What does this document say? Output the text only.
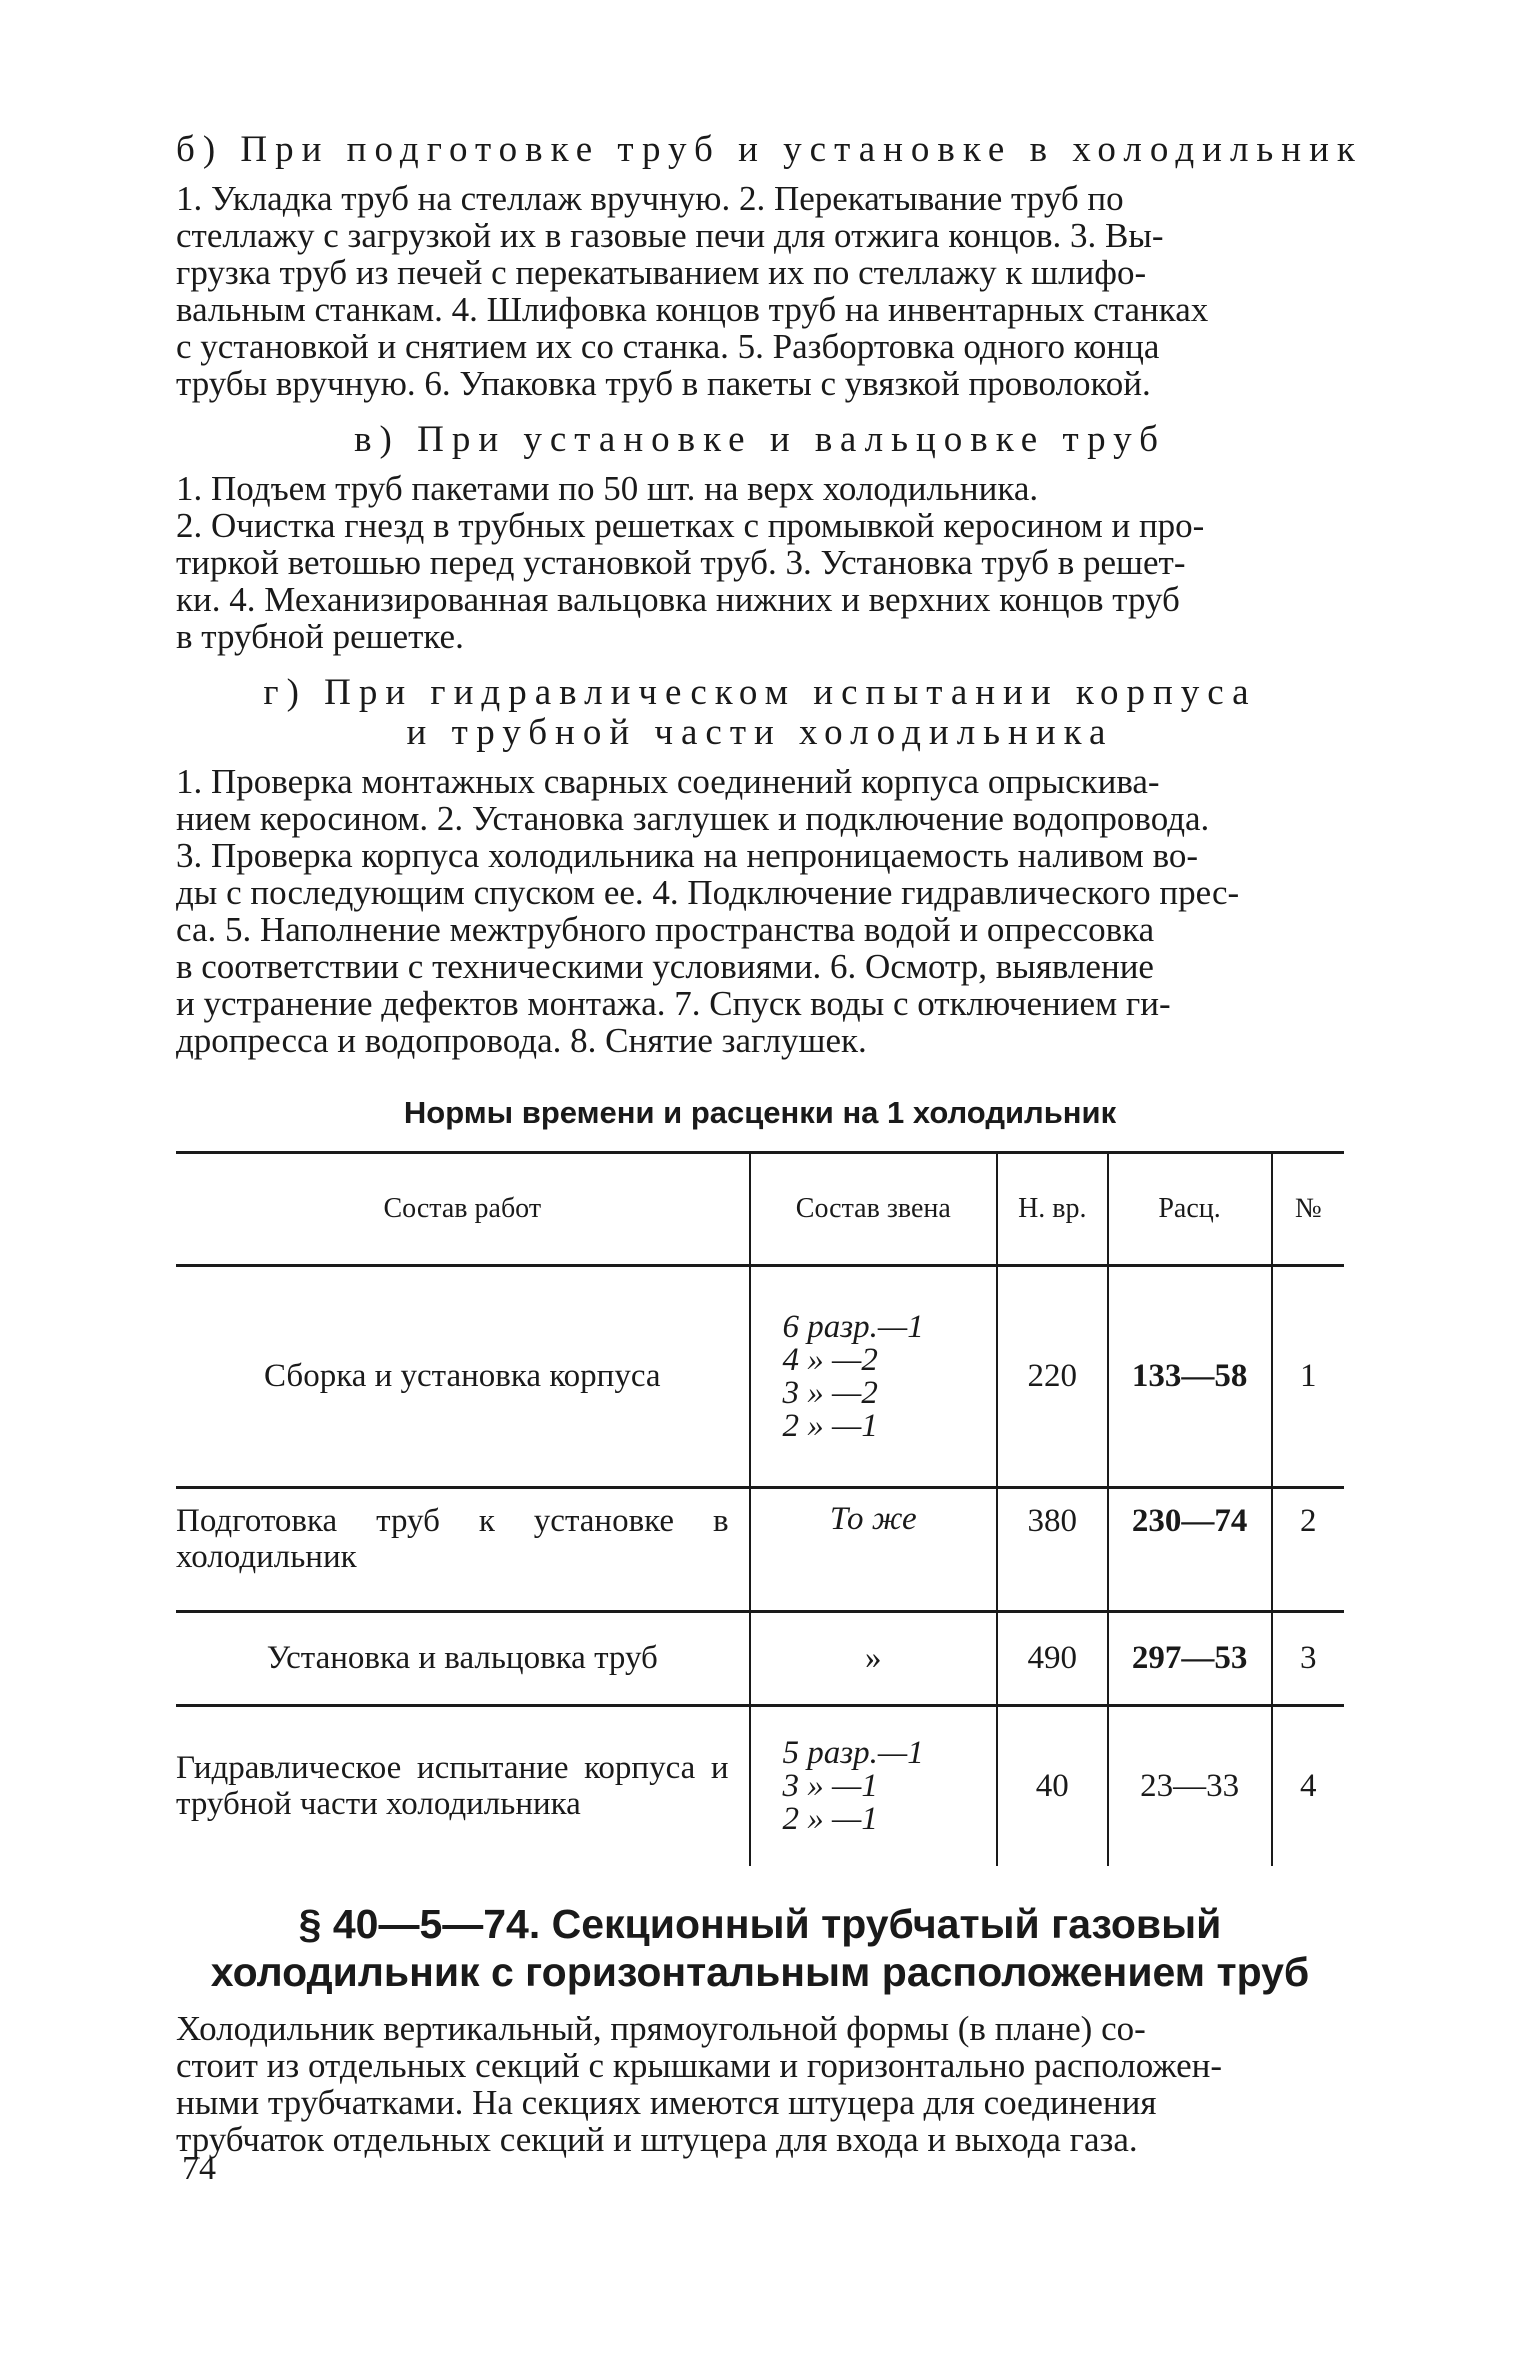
б) При подготовке труб и установке в холодильник
1. Укладка труб на стеллаж вручную. 2. Перекатывание труб по
стеллажу с загрузкой их в газовые печи для отжига концов. 3. Вы-
грузка труб из печей с перекатыванием их по стеллажу к шлифо-
вальным станкам. 4. Шлифовка концов труб на инвентарных станках
с установкой и снятием их со станка. 5. Разбортовка одного конца
трубы вручную. 6. Упаковка труб в пакеты с увязкой проволокой.
в) При установке и вальцовке труб
1. Подъем труб пакетами по 50 шт. на верх холодильника.
2. Очистка гнезд в трубных решетках с промывкой керосином и про-
тиркой ветошью перед установкой труб. 3. Установка труб в решет-
ки. 4. Механизированная вальцовка нижних и верхних концов труб
в трубной решетке.
г) При гидравлическом испытании корпуса
и трубной части холодильника
1. Проверка монтажных сварных соединений корпуса опрыскива-
нием керосином. 2. Установка заглушек и подключение водопровода.
3. Проверка корпуса холодильника на непроницаемость наливом во-
ды с последующим спуском ее. 4. Подключение гидравлического прес-
са. 5. Наполнение межтрубного пространства водой и опрессовка
в соответствии с техническими условиями. 6. Осмотр, выявление
и устранение дефектов монтажа. 7. Спуск воды с отключением ги-
дропресса и водопровода. 8. Снятие заглушек.
Нормы времени и расценки на 1 холодильник
Состав работ	Состав звена	Н. вр.	Расц.	№
Сборка и установка корпуса	6 разр.—1
4 » —2
3 » —2
2 » —1	220	133—58	1

Подготовка труб к установке в холодильник	То же	380	230—74	2
Установка и вальцовка труб	»	490	297—53	3

Гидравлическое испытание корпуса и трубной части холодильника	5 разр.—1
3 » —1
2 » —1	40	23—33	4
§ 40—5—74. Секционный трубчатый газовый
холодильник с горизонтальным расположением труб
Холодильник вертикальный, прямоугольной формы (в плане) со-
стоит из отдельных секций с крышками и горизонтально расположен-
ными трубчатками. На секциях имеются штуцера для соединения
трубчаток отдельных секций и штуцера для входа и выхода газа.
74
